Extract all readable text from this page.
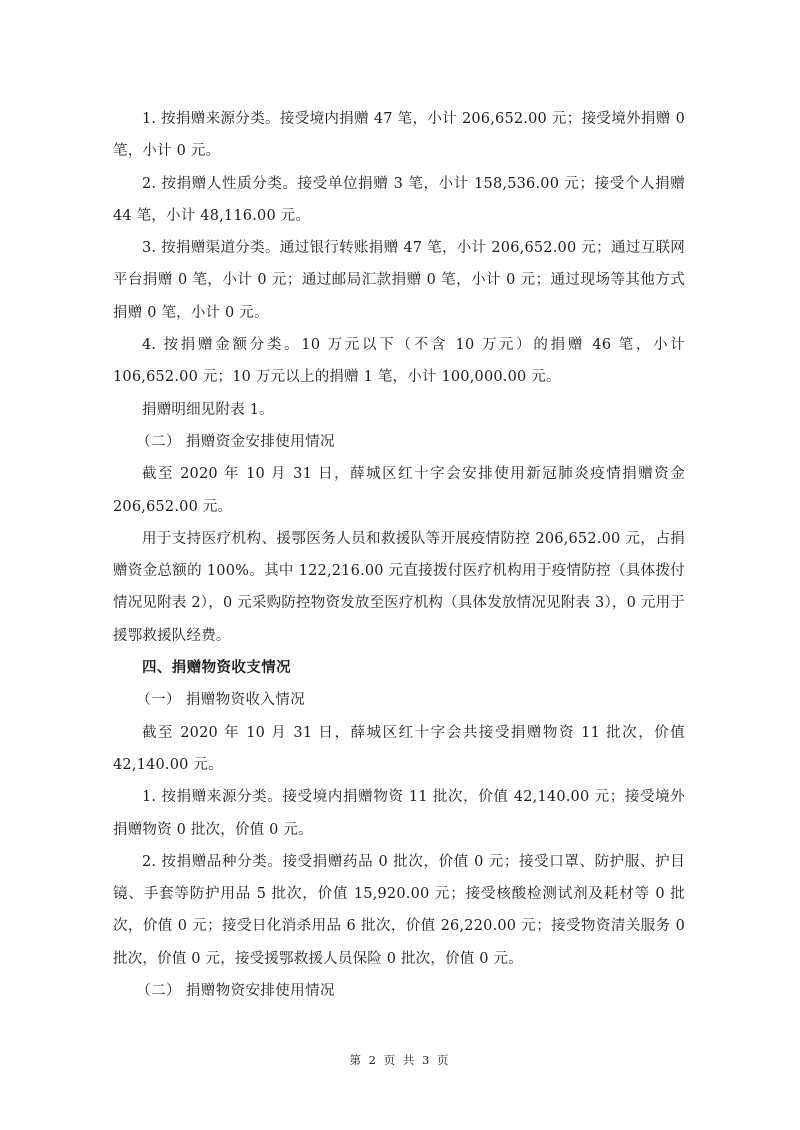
1. 按捐赠来源分类。接受境内捐赠 47 笔，小计 206,652.00 元；接受境外捐赠 0 笔，小计 0 元。

2. 按捐赠人性质分类。接受单位捐赠 3 笔，小计 158,536.00 元；接受个人捐赠 44 笔，小计 48,116.00 元。

3. 按捐赠渠道分类。通过银行转账捐赠 47 笔，小计 206,652.00 元；通过互联网平台捐赠 0 笔，小计 0 元；通过邮局汇款捐赠 0 笔，小计 0 元；通过现场等其他方式捐赠 0 笔，小计 0 元。

4. 按捐赠金额分类。10 万元以下（不含 10 万元）的捐赠 46 笔，小计 106,652.00 元；10 万元以上的捐赠 1 笔，小计 100,000.00 元。

捐赠明细见附表 1。

（二） 捐赠资金安排使用情况

截至 2020 年 10 月 31 日，薛城区红十字会安排使用新冠肺炎疫情捐赠资金 206,652.00 元。

用于支持医疗机构、援鄂医务人员和救援队等开展疫情防控 206,652.00 元，占捐赠资金总额的 100%。其中 122,216.00 元直接拨付医疗机构用于疫情防控（具体拨付情况见附表 2），0 元采购防控物资发放至医疗机构（具体发放情况见附表 3），0 元用于援鄂救援队经费。

四、捐赠物资收支情况

（一） 捐赠物资收入情况

截至 2020 年 10 月 31 日，薛城区红十字会共接受捐赠物资 11 批次，价值 42,140.00 元。

1. 按捐赠来源分类。接受境内捐赠物资 11 批次，价值 42,140.00 元；接受境外捐赠物资 0 批次，价值 0 元。

2. 按捐赠品种分类。接受捐赠药品 0 批次，价值 0 元；接受口罩、防护服、护目镜、手套等防护用品 5 批次，价值 15,920.00 元；接受核酸检测试剂及耗材等 0 批次，价值 0 元；接受日化消杀用品 6 批次，价值 26,220.00 元；接受物资清关服务 0 批次，价值 0 元，接受援鄂救援人员保险 0 批次，价值 0 元。

（二） 捐赠物资安排使用情况

第 2 页 共 3 页
